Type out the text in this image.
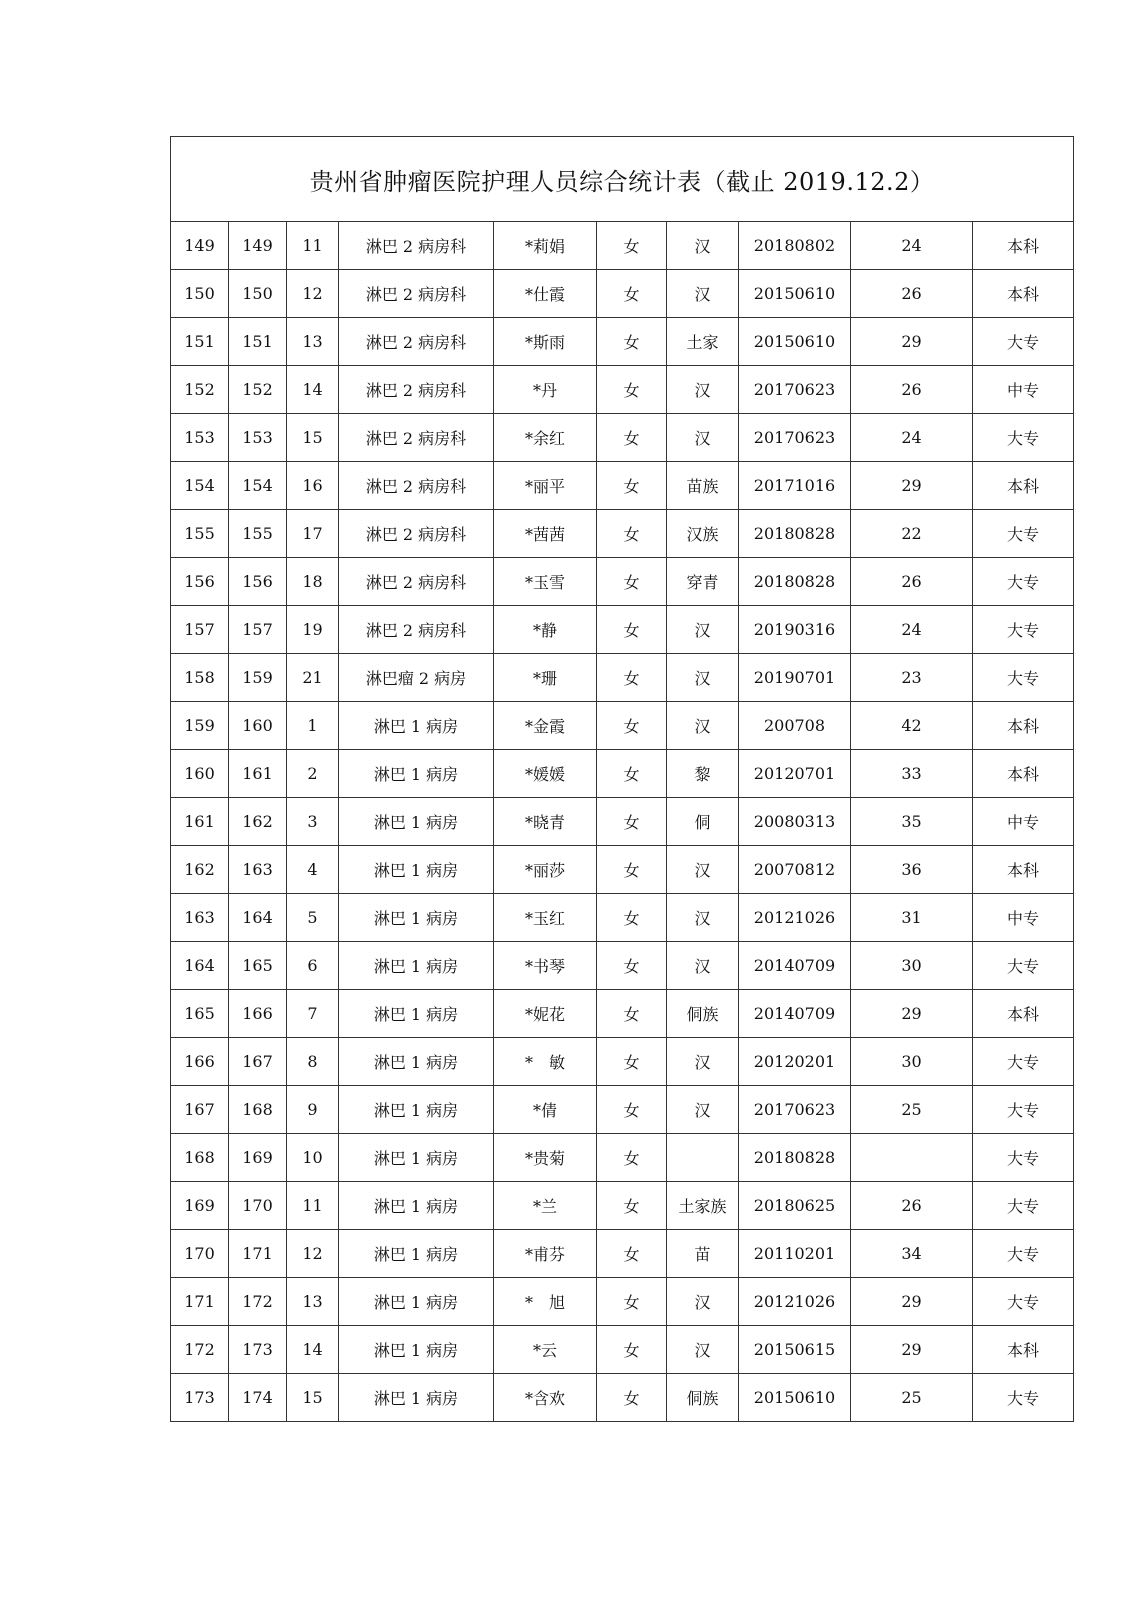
贵州省肿瘤医院护理人员综合统计表（截止 2019.12.2）									
149	149	11	淋巴 2 病房科	*莉娟	女	汉	20180802	24	本科
150	150	12	淋巴 2 病房科	*仕霞	女	汉	20150610	26	本科
151	151	13	淋巴 2 病房科	*斯雨	女	土家	20150610	29	大专
152	152	14	淋巴 2 病房科	*丹	女	汉	20170623	26	中专
153	153	15	淋巴 2 病房科	*余红	女	汉	20170623	24	大专
154	154	16	淋巴 2 病房科	*丽平	女	苗族	20171016	29	本科
155	155	17	淋巴 2 病房科	*茜茜	女	汉族	20180828	22	大专
156	156	18	淋巴 2 病房科	*玉雪	女	穿青	20180828	26	大专
157	157	19	淋巴 2 病房科	*静	女	汉	20190316	24	大专
158	159	21	淋巴瘤 2 病房	*珊	女	汉	20190701	23	大专
159	160	1	淋巴 1 病房	*金霞	女	汉	200708	42	本科
160	161	2	淋巴 1 病房	*媛媛	女	黎	20120701	33	本科
161	162	3	淋巴 1 病房	*晓青	女	侗	20080313	35	中专
162	163	4	淋巴 1 病房	*丽莎	女	汉	20070812	36	本科
163	164	5	淋巴 1 病房	*玉红	女	汉	20121026	31	中专
164	165	6	淋巴 1 病房	*书琴	女	汉	20140709	30	大专
165	166	7	淋巴 1 病房	*妮花	女	侗族	20140709	29	本科
166	167	8	淋巴 1 病房	*　敏	女	汉	20120201	30	大专
167	168	9	淋巴 1 病房	*倩	女	汉	20170623	25	大专
168	169	10	淋巴 1 病房	*贵菊	女		20180828		大专
169	170	11	淋巴 1 病房	*兰	女	土家族	20180625	26	大专
170	171	12	淋巴 1 病房	*甫芬	女	苗	20110201	34	大专
171	172	13	淋巴 1 病房	*　旭	女	汉	20121026	29	大专
172	173	14	淋巴 1 病房	*云	女	汉	20150615	29	本科
173	174	15	淋巴 1 病房	*含欢	女	侗族	20150610	25	大专
